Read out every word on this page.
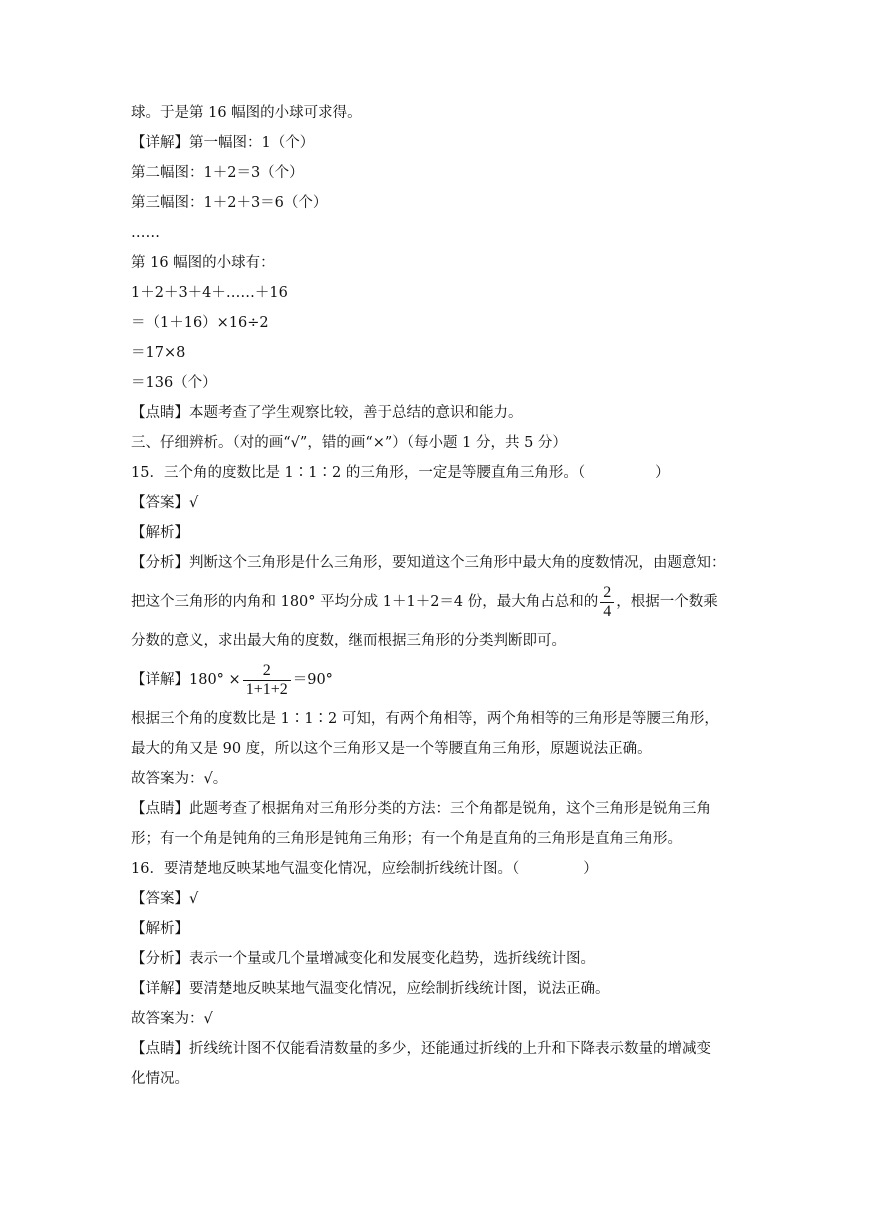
球。于是第 16 幅图的小球可求得。
【详解】第一幅图：1（个）
第二幅图：1＋2＝3（个）
第三幅图：1＋2＋3＝6（个）
……
第 16 幅图的小球有：
1＋2＋3＋4＋……＋16
＝（1＋16）×16÷2
＝17×8
＝136（个）
【点睛】本题考查了学生观察比较，善于总结的意识和能力。
三、仔细辨析。（对的画“√”，错的画“×”）（每小题 1 分，共 5 分）
15．三个角的度数比是 1∶1∶2 的三角形，一定是等腰直角三角形。（	）
【答案】√
【解析】
【分析】判断这个三角形是什么三角形，要知道这个三角形中最大角的度数情况，由题意知：
把这个三角形的内角和 180° 平均分成 1＋1＋2＝4 份，最大角占总和的 $\frac{2}{4}$ ，根据一个数乘
分数的意义，求出最大角的度数，继而根据三角形的分类判断即可。
【详解】$180^\circ \times \frac{2}{1+1+2} =90^\circ$
根据三个角的度数比是 1∶1∶2 可知，有两个角相等，两个角相等的三角形是等腰三角形，
最大的角又是 90 度，所以这个三角形又是一个等腰直角三角形，原题说法正确。
故答案为：√。
【点睛】此题考查了根据角对三角形分类的方法：三个角都是锐角，这个三角形是锐角三角
形；有一个角是钝角的三角形是钝角三角形；有一个角是直角的三角形是直角三角形。
16．要清楚地反映某地气温变化情况，应绘制折线统计图。（	）
【答案】√
【解析】
【分析】表示一个量或几个量增减变化和发展变化趋势，选折线统计图。
【详解】要清楚地反映某地气温变化情况，应绘制折线统计图，说法正确。
故答案为：√
【点睛】折线统计图不仅能看清数量的多少，还能通过折线的上升和下降表示数量的增减变
化情况。
